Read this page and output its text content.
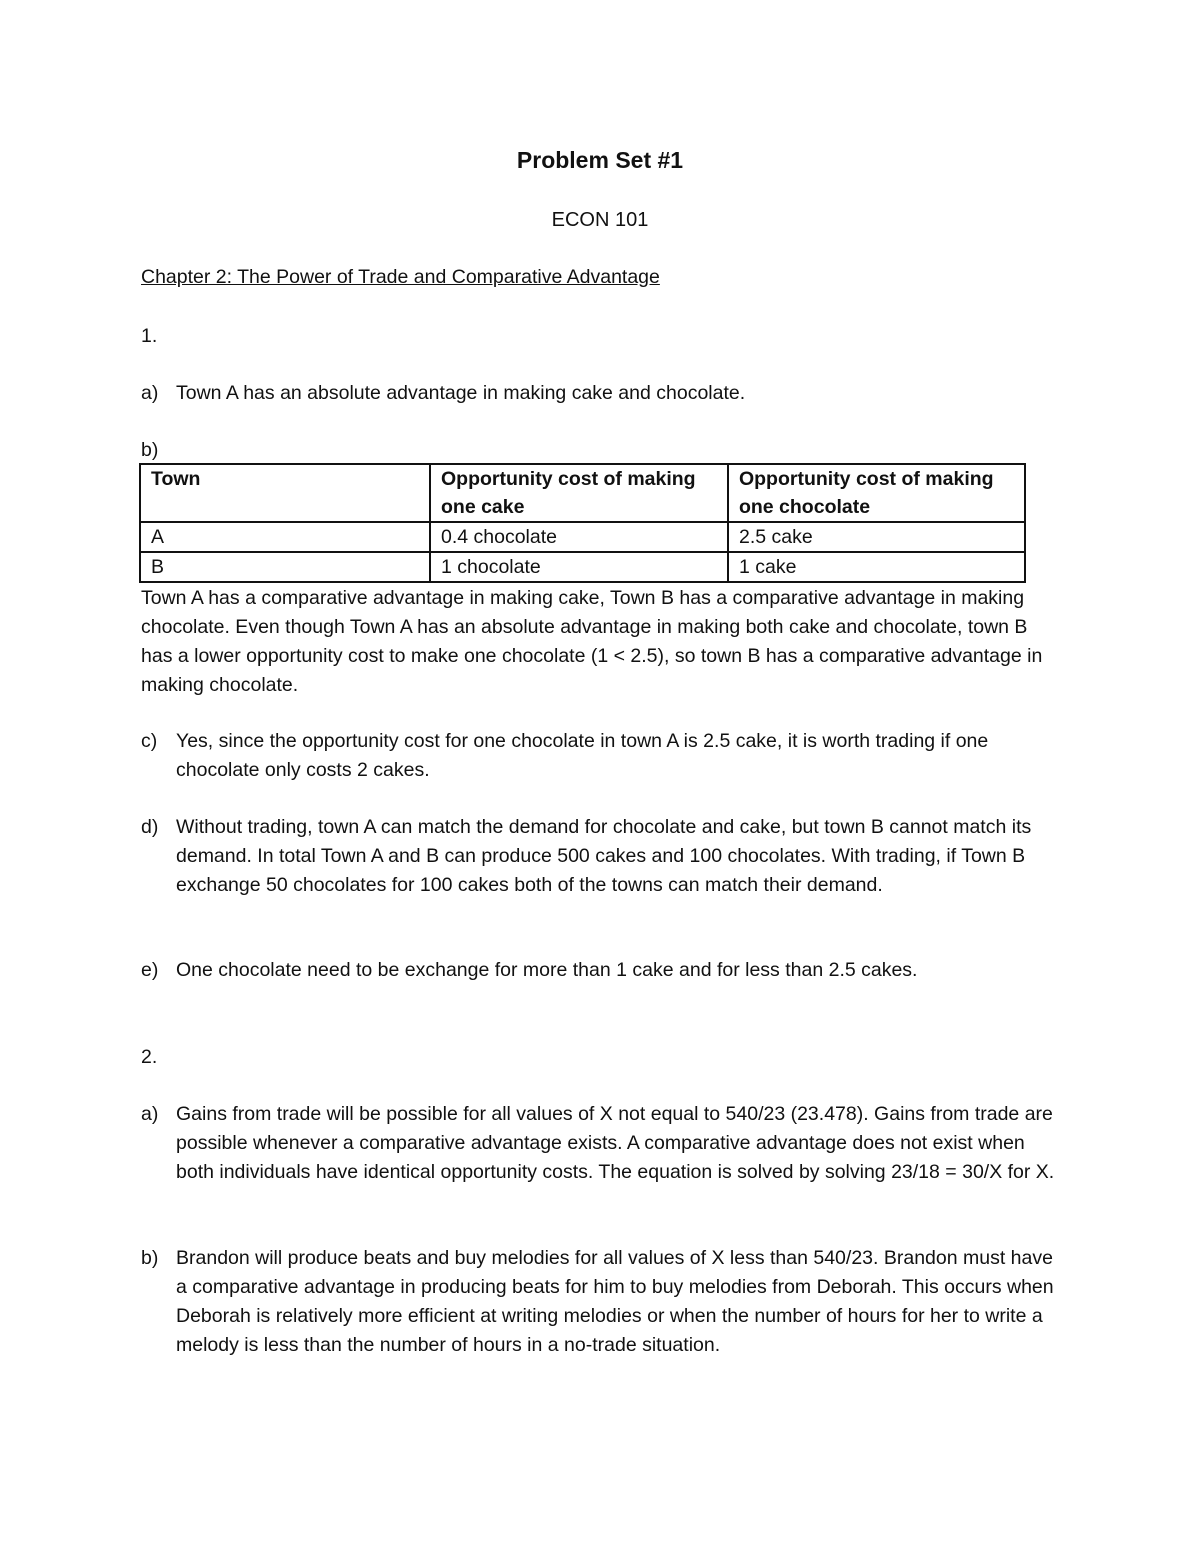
Problem Set #1
ECON 101
Chapter 2: The Power of Trade and Comparative Advantage
1.
a) Town A has an absolute advantage in making cake and chocolate.
b)
Town	Opportunity cost of making one cake	Opportunity cost of making one chocolate
A	0.4 chocolate	2.5 cake
B	1 chocolate	1 cake
Town A has a comparative advantage in making cake, Town B has a comparative advantage in making chocolate. Even though Town A has an absolute advantage in making both cake and chocolate, town B has a lower opportunity cost to make one chocolate (1 < 2.5), so town B has a comparative advantage in making chocolate.
c) Yes, since the opportunity cost for one chocolate in town A is 2.5 cake, it is worth trading if one chocolate only costs 2 cakes.
d) Without trading, town A can match the demand for chocolate and cake, but town B cannot match its demand. In total Town A and B can produce 500 cakes and 100 chocolates. With trading, if Town B exchange 50 chocolates for 100 cakes both of the towns can match their demand.
e) One chocolate need to be exchange for more than 1 cake and for less than 2.5 cakes.
2.
a) Gains from trade will be possible for all values of X not equal to 540/23 (23.478). Gains from trade are possible whenever a comparative advantage exists. A comparative advantage does not exist when both individuals have identical opportunity costs. The equation is solved by solving 23/18 = 30/X for X.
b) Brandon will produce beats and buy melodies for all values of X less than 540/23. Brandon must have a comparative advantage in producing beats for him to buy melodies from Deborah. This occurs when Deborah is relatively more efficient at writing melodies or when the number of hours for her to write a melody is less than the number of hours in a no-trade situation.
